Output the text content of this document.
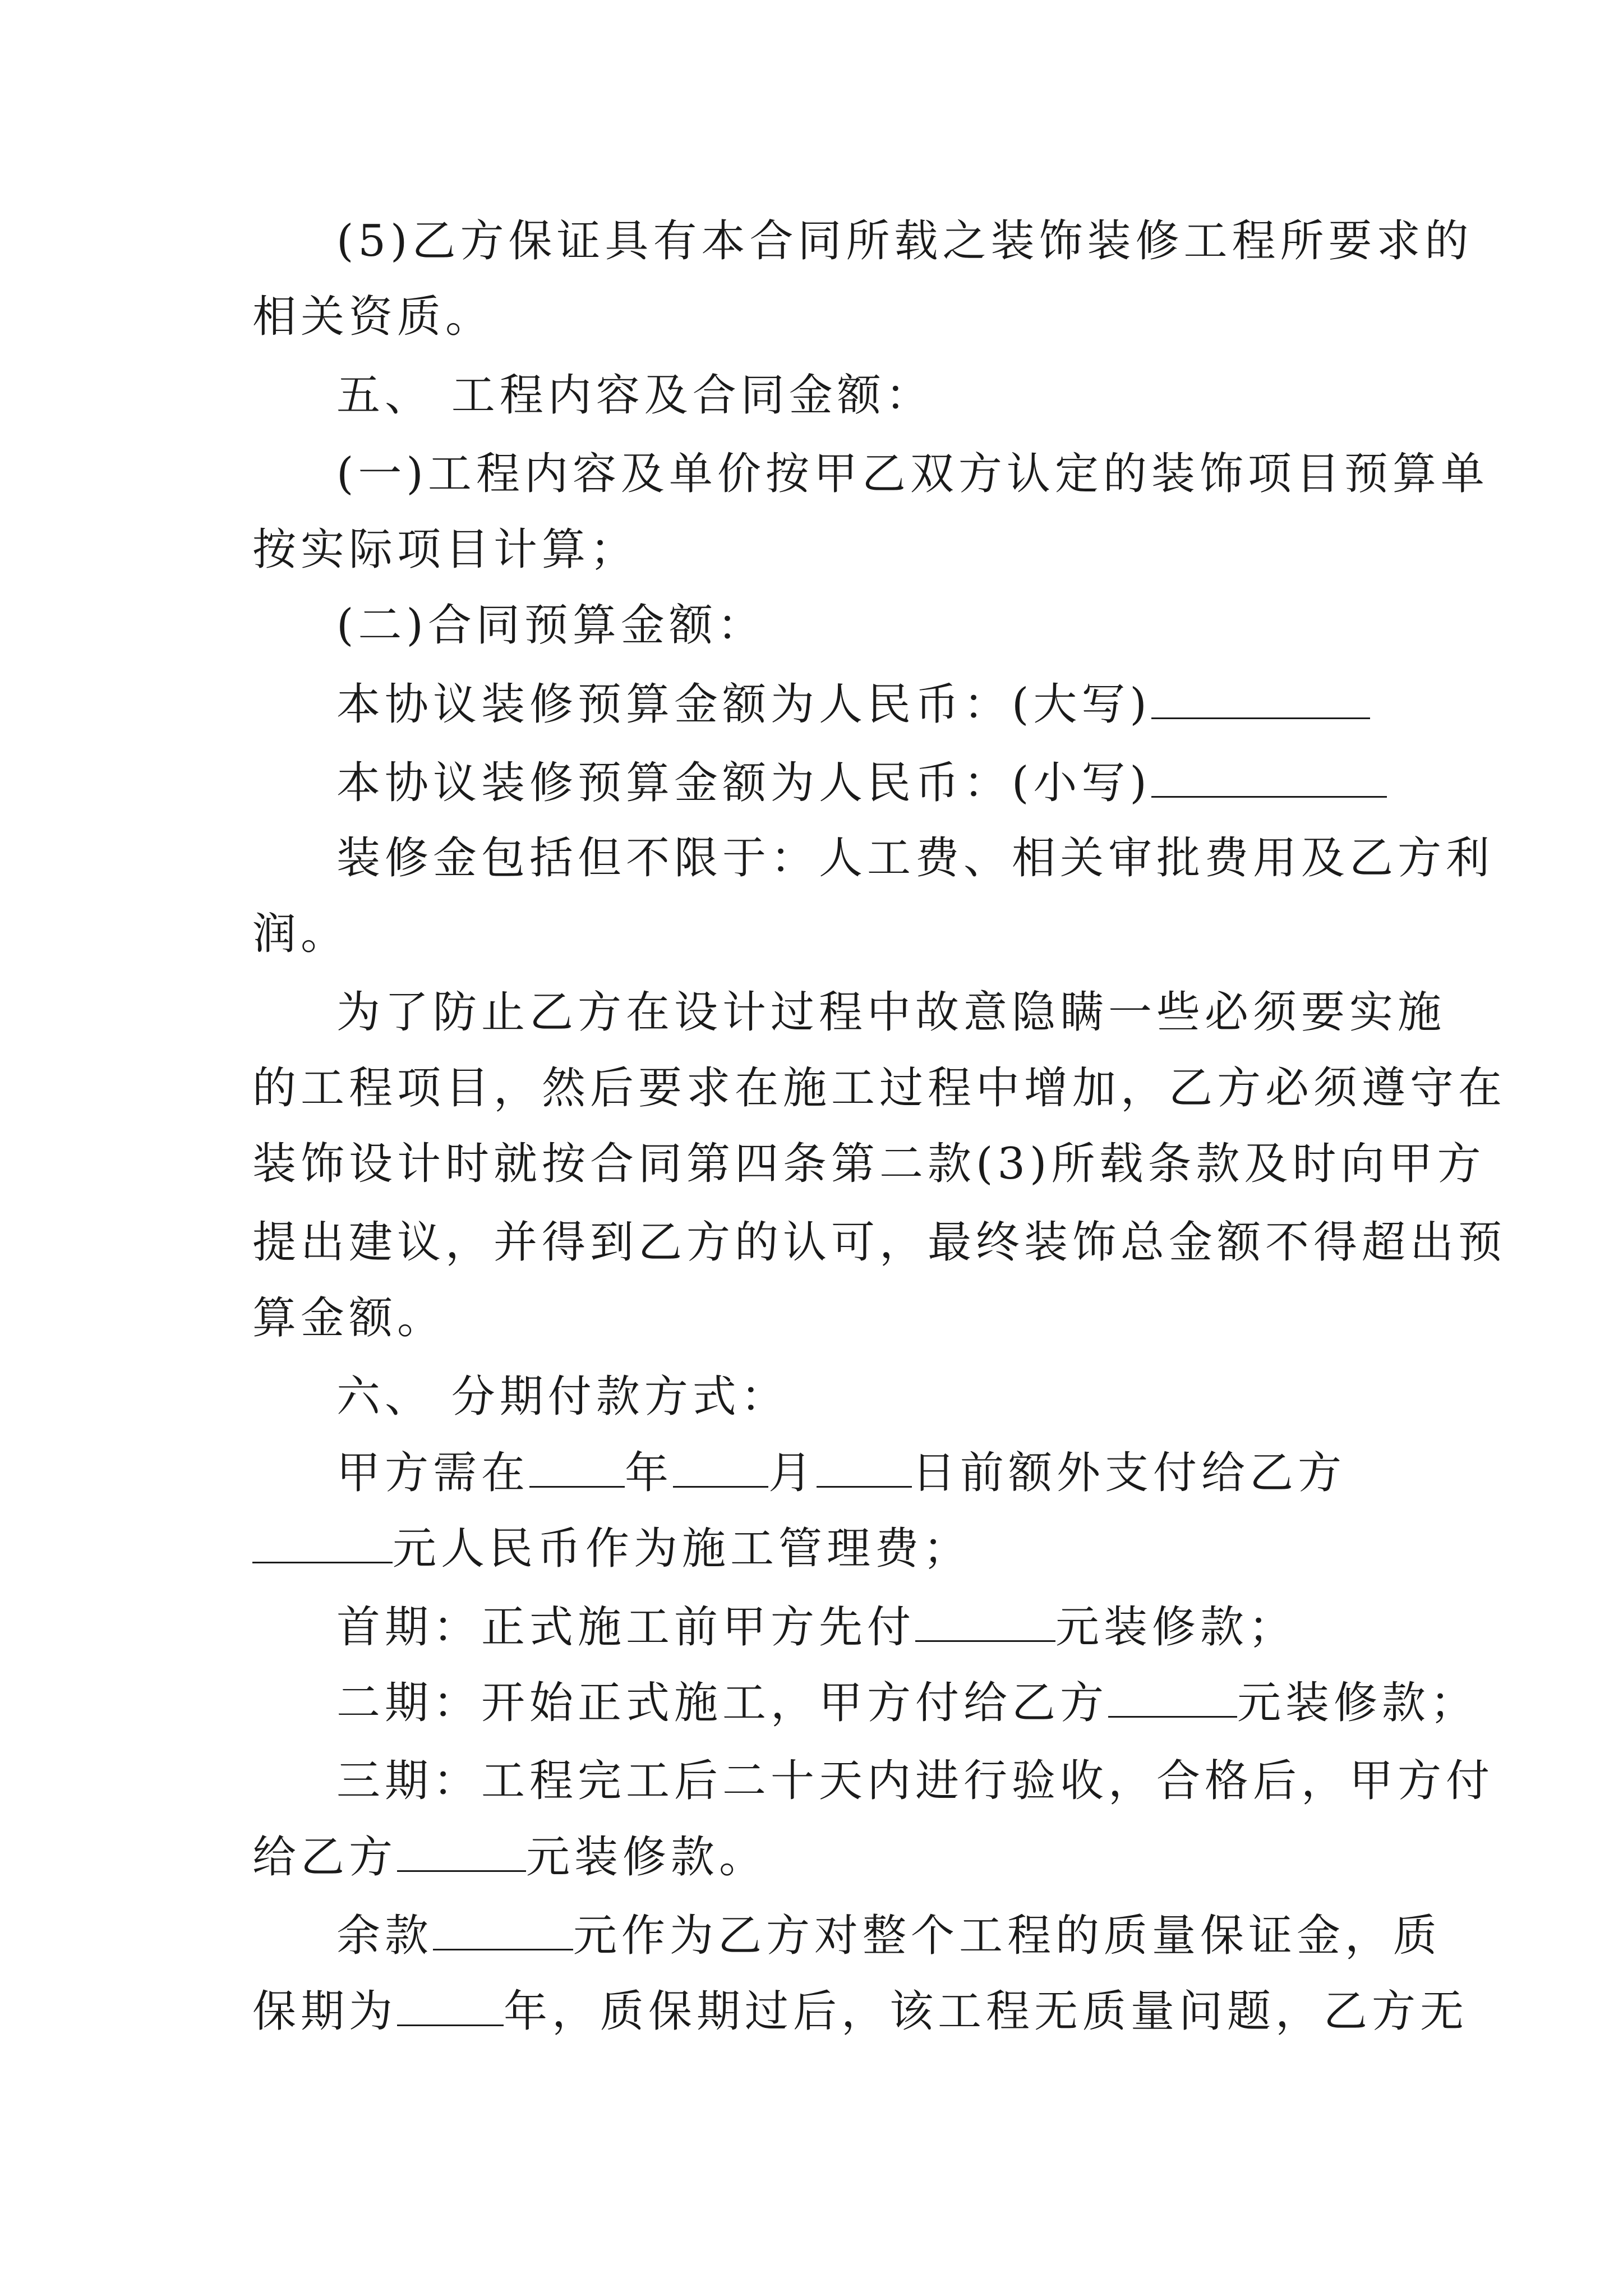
(5)乙方保证具有本合同所载之装饰装修工程所要求的
相关资质。
五、 工程内容及合同金额：
(一)工程内容及单价按甲乙双方认定的装饰项目预算单
按实际项目计算；
(二)合同预算金额：
本协议装修预算金额为人民币：(大写)
本协议装修预算金额为人民币：(小写)
装修金包括但不限于：人工费、相关审批费用及乙方利
润。
为了防止乙方在设计过程中故意隐瞒一些必须要实施
的工程项目，然后要求在施工过程中增加，乙方必须遵守在
装饰设计时就按合同第四条第二款(3)所载条款及时向甲方
提出建议，并得到乙方的认可，最终装饰总金额不得超出预
算金额。
六、 分期付款方式：
甲方需在 年 月 日前额外支付给乙方
元人民币作为施工管理费；
首期：正式施工前甲方先付	元装修款；
二期：开始正式施工，甲方付给乙方	元装修款；
三期：工程完工后二十天内进行验收，合格后，甲方付
给乙方	元装修款。
余款	元作为乙方对整个工程的质量保证金，质
保期为 年，质保期过后，该工程无质量问题，乙方无
